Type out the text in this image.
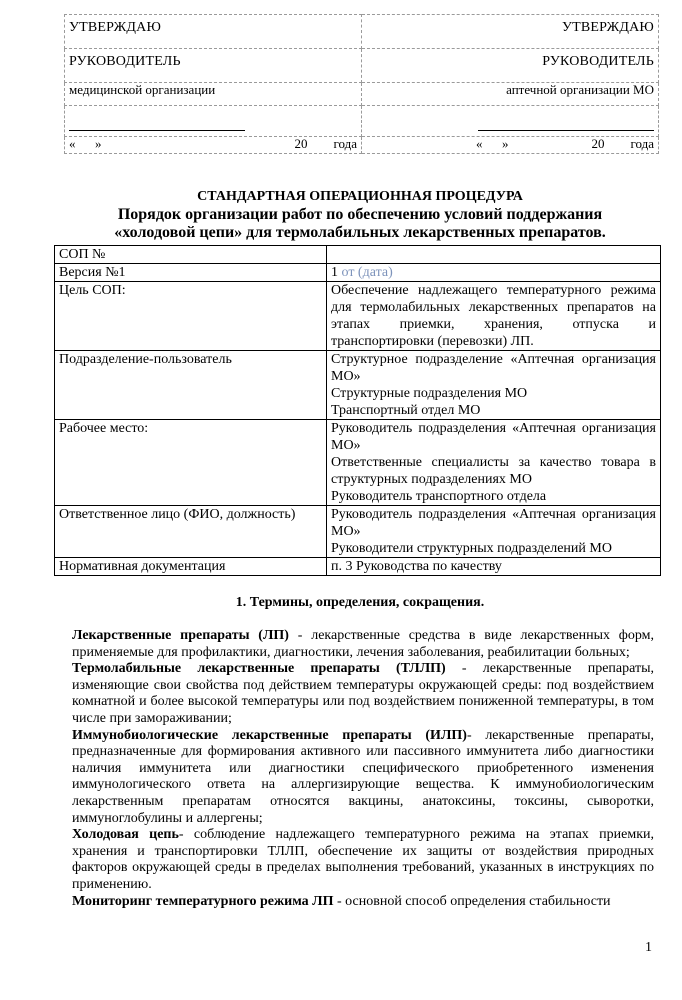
УТВЕРЖДАЮ	УТВЕРЖДАЮ
РУКОВОДИТЕЛЬ	РУКОВОДИТЕЛЬ
медицинской организации	аптечной организации МО

« » 20 года	« » 20 года
СТАНДАРТНАЯ ОПЕРАЦИОННАЯ ПРОЦЕДУРА
Порядок организации работ по обеспечению условий поддержания
«холодовой цепи» для термолабильных лекарственных препаратов.
СОП №	
Версия №1	1 от (дата)
Цель СОП:	Обеспечение надлежащего температурного режима для термолабильных лекарственных препаратов на этапах приемки, хранения, отпуска и транспортировки (перевозки) ЛП.
Подразделение-пользователь	Структурное подразделение «Аптечная организация МО»
Структурные подразделения МО
Транспортный отдел МО

Рабочее место:	Руководитель подразделения «Аптечная организация МО»
Ответственные специалисты за качество товара в структурных подразделениях МО
Руководитель транспортного отдела

Ответственное лицо (ФИО, должность)	Руководитель подразделения «Аптечная организация МО»
Руководители структурных подразделений МО

Нормативная документация	п. 3 Руководства по качеству
1. Термины, определения, сокращения.

Лекарственные препараты (ЛП) - лекарственные средства в виде лекарственных форм, применяемые для профилактики, диагностики, лечения заболевания, реабилитации больных;

Термолабильные лекарственные препараты (ТЛЛП) - лекарственные препараты, изменяющие свои свойства под действием температуры окружающей среды: под воздействием комнатной и более высокой температуры или под воздействием пониженной температуры, в том числе при замораживании;

Иммунобиологические лекарственные препараты (ИЛП)- лекарственные препараты, предназначенные для формирования активного или пассивного иммунитета либо диагностики наличия иммунитета или диагностики специфического приобретенного изменения иммунологического ответа на аллергизирующие вещества. К иммунобиологическим лекарственным препаратам относятся вакцины, анатоксины, токсины, сыворотки, иммуноглобулины и аллергены;

Холодовая цепь- соблюдение надлежащего температурного режима на этапах приемки, хранения и транспортировки ТЛЛП, обеспечение их защиты от воздействия природных факторов окружающей среды в пределах выполнения требований, указанных в инструкциях по применению.

Мониторинг температурного режима ЛП - основной способ определения стабильности

1
